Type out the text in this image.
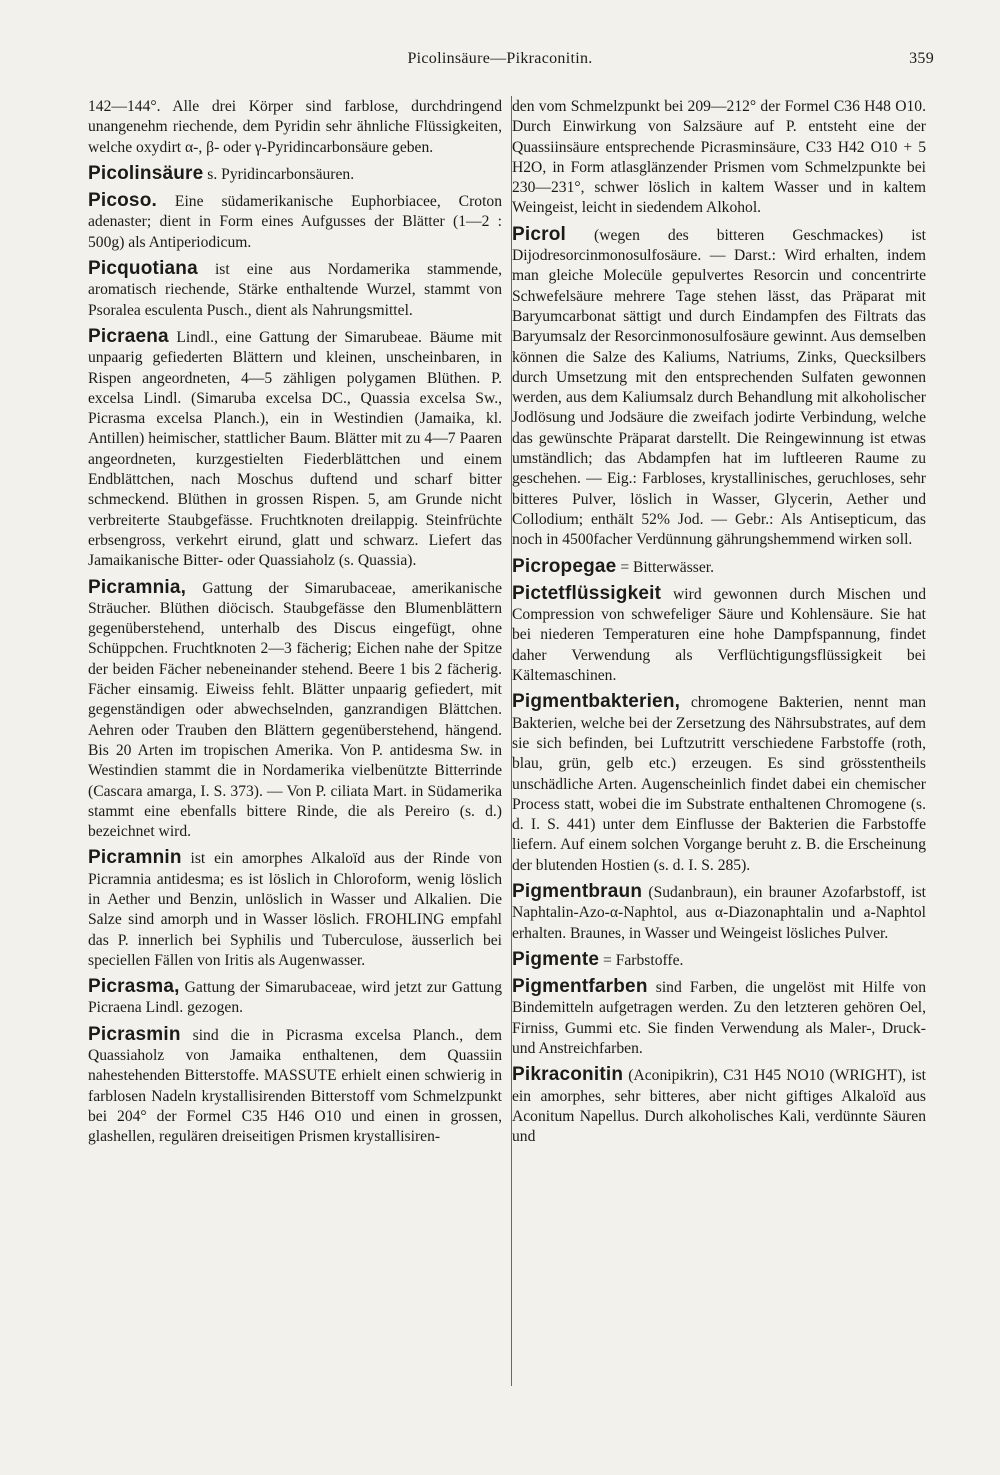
Picolinsäure—Pikraconitin.	359

142—144°. Alle drei Körper sind farblose, durchdringend unangenehm riechende, dem Pyridin sehr ähnliche Flüssigkeiten, welche oxydirt α-, β- oder γ-Pyridincarbonsäure geben.

Picolinsäure s. Pyridincarbonsäuren.

Picoso. Eine südamerikanische Euphorbiacee, Croton adenaster; dient in Form eines Aufgusses der Blätter (1—2 : 500g) als Antiperiodicum.

Picquotiana ist eine aus Nordamerika stammende, aromatisch riechende, Stärke enthaltende Wurzel, stammt von Psoralea esculenta Pusch., dient als Nahrungsmittel.

Picraena Lindl., eine Gattung der Simarubeae. Bäume mit unpaarig gefiederten Blättern und kleinen, unscheinbaren, in Rispen angeordneten, 4—5 zähligen polygamen Blüthen. P. excelsa Lindl. (Simaruba excelsa DC., Quassia excelsa Sw., Picrasma excelsa Planch.), ein in Westindien (Jamaika, kl. Antillen) heimischer, stattlicher Baum. Blätter mit zu 4—7 Paaren angeordneten, kurzgestielten Fiederblättchen und einem Endblättchen, nach Moschus duftend und scharf bitter schmeckend. Blüthen in grossen Rispen. 5, am Grunde nicht verbreiterte Staubgefässe. Fruchtknoten dreilappig. Steinfrüchte erbsengross, verkehrt eirund, glatt und schwarz. Liefert das Jamaikanische Bitter- oder Quassiaholz (s. Quassia).

Picramnia, Gattung der Simarubaceae, amerikanische Sträucher. Blüthen diöcisch. Staubgefässe den Blumenblättern gegenüberstehend, unterhalb des Discus eingefügt, ohne Schüppchen. Fruchtknoten 2—3 fächerig; Eichen nahe der Spitze der beiden Fächer nebeneinander stehend. Beere 1 bis 2 fächerig. Fächer einsamig. Eiweiss fehlt. Blätter unpaarig gefiedert, mit gegenständigen oder abwechselnden, ganzrandigen Blättchen. Aehren oder Trauben den Blättern gegenüberstehend, hängend. Bis 20 Arten im tropischen Amerika. Von P. antidesma Sw. in Westindien stammt die in Nordamerika vielbenützte Bitterrinde (Cascara amarga, I. S. 373). — Von P. ciliata Mart. in Südamerika stammt eine ebenfalls bittere Rinde, die als Pereiro (s. d.) bezeichnet wird.

Picramnin ist ein amorphes Alkaloïd aus der Rinde von Picramnia antidesma; es ist löslich in Chloroform, wenig löslich in Aether und Benzin, unlöslich in Wasser und Alkalien. Die Salze sind amorph und in Wasser löslich. FROHLING empfahl das P. innerlich bei Syphilis und Tuberculose, äusserlich bei speciellen Fällen von Iritis als Augenwasser.

Picrasma, Gattung der Simarubaceae, wird jetzt zur Gattung Picraena Lindl. gezogen.

Picrasmin sind die in Picrasma excelsa Planch., dem Quassiaholz von Jamaika enthaltenen, dem Quassiin nahestehenden Bitterstoffe. MASSUTE erhielt einen schwierig in farblosen Nadeln krystallisirenden Bitterstoff vom Schmelzpunkt bei 204° der Formel C35 H46 O10 und einen in grossen, glashellen, regulären dreiseitigen Prismen krystallisiren-

den vom Schmelzpunkt bei 209—212° der Formel C36 H48 O10. Durch Einwirkung von Salzsäure auf P. entsteht eine der Quassiinsäure entsprechende Picrasminsäure, C33 H42 O10 + 5 H2O, in Form atlasglänzender Prismen vom Schmelzpunkte bei 230—231°, schwer löslich in kaltem Wasser und in kaltem Weingeist, leicht in siedendem Alkohol.

Picrol (wegen des bitteren Geschmackes) ist Dijodresorcinmonosulfosäure. — Darst.: Wird erhalten, indem man gleiche Molecüle gepulvertes Resorcin und concentrirte Schwefelsäure mehrere Tage stehen lässt, das Präparat mit Baryumcarbonat sättigt und durch Eindampfen des Filtrats das Baryumsalz der Resorcinmonosulfosäure gewinnt. Aus demselben können die Salze des Kaliums, Natriums, Zinks, Quecksilbers durch Umsetzung mit den entsprechenden Sulfaten gewonnen werden, aus dem Kaliumsalz durch Behandlung mit alkoholischer Jodlösung und Jodsäure die zweifach jodirte Verbindung, welche das gewünschte Präparat darstellt. Die Reingewinnung ist etwas umständlich; das Abdampfen hat im luftleeren Raume zu geschehen. — Eig.: Farbloses, krystallinisches, geruchloses, sehr bitteres Pulver, löslich in Wasser, Glycerin, Aether und Collodium; enthält 52% Jod. — Gebr.: Als Antisepticum, das noch in 4500facher Verdünnung gährungshemmend wirken soll.

Picropegae = Bitterwässer.

Pictetflüssigkeit wird gewonnen durch Mischen und Compression von schwefeliger Säure und Kohlensäure. Sie hat bei niederen Temperaturen eine hohe Dampfspannung, findet daher Verwendung als Verflüchtigungsflüssigkeit bei Kältemaschinen.

Pigmentbakterien, chromogene Bakterien, nennt man Bakterien, welche bei der Zersetzung des Nährsubstrates, auf dem sie sich befinden, bei Luftzutritt verschiedene Farbstoffe (roth, blau, grün, gelb etc.) erzeugen. Es sind grösstentheils unschädliche Arten. Augenscheinlich findet dabei ein chemischer Process statt, wobei die im Substrate enthaltenen Chromogene (s. d. I. S. 441) unter dem Einflusse der Bakterien die Farbstoffe liefern. Auf einem solchen Vorgange beruht z. B. die Erscheinung der blutenden Hostien (s. d. I. S. 285).

Pigmentbraun (Sudanbraun), ein brauner Azofarbstoff, ist Naphtalin-Azo-α-Naphtol, aus α-Diazonaphtalin und a-Naphtol erhalten. Braunes, in Wasser und Weingeist lösliches Pulver.

Pigmente = Farbstoffe.

Pigmentfarben sind Farben, die ungelöst mit Hilfe von Bindemitteln aufgetragen werden. Zu den letzteren gehören Oel, Firniss, Gummi etc. Sie finden Verwendung als Maler-, Druck- und Anstreichfarben.

Pikraconitin (Aconipikrin), C31 H45 NO10 (WRIGHT), ist ein amorphes, sehr bitteres, aber nicht giftiges Alkaloïd aus Aconitum Napellus. Durch alkoholisches Kali, verdünnte Säuren und
